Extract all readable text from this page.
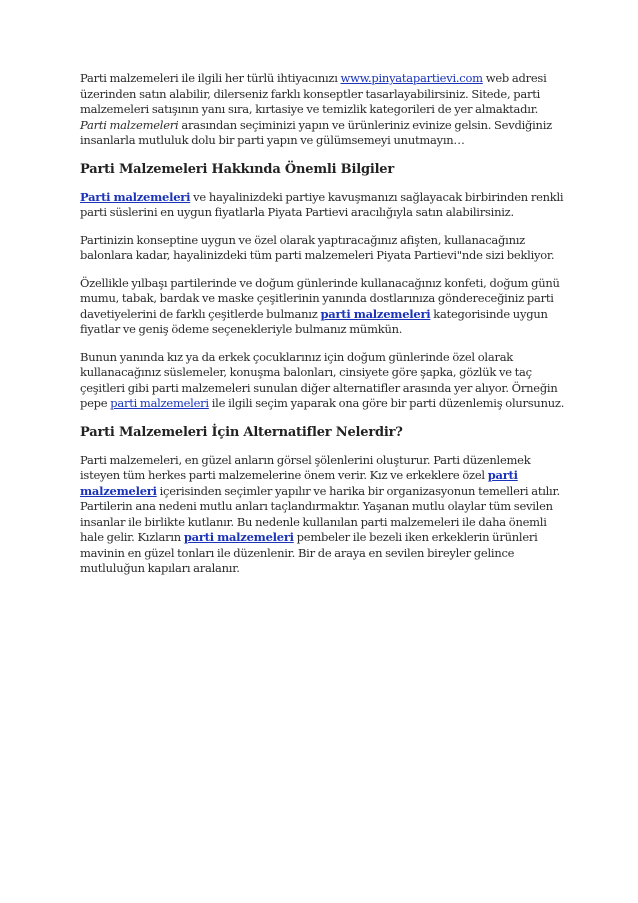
Parti malzemeleri ile ilgili her türlü ihtiyacınızı www.pinyatapartievi.com web adresi üzerinden satın alabilir, dilerseniz farklı konseptler tasarlayabilirsiniz. Sitede, parti malzemeleri satışının yanı sıra, kırtasiye ve temizlik kategorileri de yer almaktadır. Parti malzemeleri arasından seçiminizi yapın ve ürünleriniz evinize gelsin. Sevdiğiniz insanlarla mutluluk dolu bir parti yapın ve gülümsemeyi unutmayın…

Parti Malzemeleri Hakkında Önemli Bilgiler

Parti malzemeleri ve hayalinizdeki partiye kavuşmanızı sağlayacak birbirinden renkli parti süslerini en uygun fiyatlarla Piyata Partievi aracılığıyla satın alabilirsiniz.

Partinizin konseptine uygun ve özel olarak yaptıracağınız afişten, kullanacağınız balonlara kadar, hayalinizdeki tüm parti malzemeleri Piyata Partievi"nde sizi bekliyor.

Özellikle yılbaşı partilerinde ve doğum günlerinde kullanacağınız konfeti, doğum günü mumu, tabak, bardak ve maske çeşitlerinin yanında dostlarınıza göndereceğiniz parti davetiyelerini de farklı çeşitlerde bulmanız parti malzemeleri kategorisinde uygun fiyatlar ve geniş ödeme seçenekleriyle bulmanız mümkün.

Bunun yanında kız ya da erkek çocuklarınız için doğum günlerinde özel olarak kullanacağınız süslemeler, konuşma balonları, cinsiyete göre şapka, gözlük ve taç çeşitleri gibi parti malzemeleri sunulan diğer alternatifler arasında yer alıyor. Örneğin pepe parti malzemeleri ile ilgili seçim yaparak ona göre bir parti düzenlemiş olursunuz.

Parti Malzemeleri İçin Alternatifler Nelerdir?

Parti malzemeleri, en güzel anların görsel şölenlerini oluşturur. Parti düzenlemek isteyen tüm herkes parti malzemelerine önem verir. Kız ve erkeklere özel parti malzemeleri içerisinden seçimler yapılır ve harika bir organizasyonun temelleri atılır. Partilerin ana nedeni mutlu anları taçlandırmaktır. Yaşanan mutlu olaylar tüm sevilen insanlar ile birlikte kutlanır. Bu nedenle kullanılan parti malzemeleri ile daha önemli hale gelir. Kızların parti malzemeleri pembeler ile bezeli iken erkeklerin ürünleri mavinin en güzel tonları ile düzenlenir. Bir de araya en sevilen bireyler gelince mutluluğun kapıları aralanır.
